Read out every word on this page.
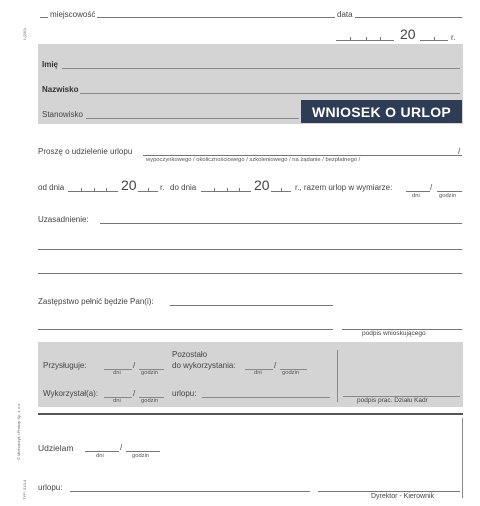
I-(200)
TYP: 513-4
© Michalczyk i Prokop Sp. z o.o.
miejscowość	data
20	r.
Imię
Nazwisko
Stanowisko	WNIOSEK O URLOP
Proszę o udzielenie urlopu
wypoczynkowego / okolicznościowego / szkoleniowego / na żądanie / bezpłatnego /
/
od dnia	20	r. do dnia	20	r., razem urlop w wymiarze:	/
dni	godzin
Uzasadnienie:
Zastępstwo pełnić będzie Pan(i):
podpis wnioskującego
Przysługuje:	/
dni	godzin
Pozostało
do wykorzystania:	/
dni	godzin
Wykorzystał(a):	/
dni	godzin
urlopu:
podpis prac. Działu Kadr
Udzielam	/
dni	godzin
urlopu:
Dyrektor - Kierownik
